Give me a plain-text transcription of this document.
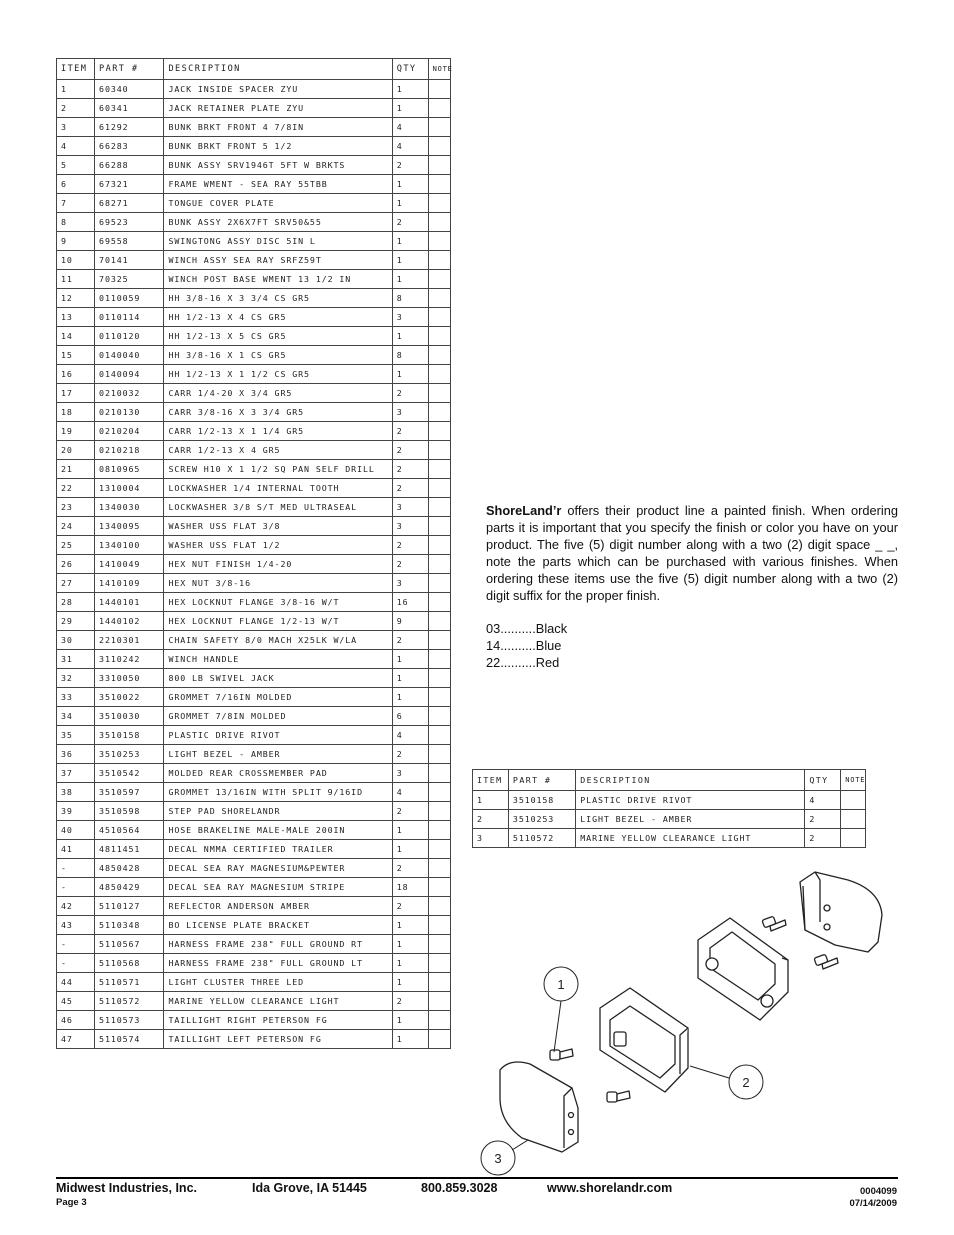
ITEM	PART #	DESCRIPTION	QTY	NOTE
1	60340	JACK INSIDE SPACER ZYU	1	
2	60341	JACK RETAINER PLATE ZYU	1	
3	61292	BUNK BRKT FRONT 4 7/8IN	4	
4	66283	BUNK BRKT FRONT 5 1/2	4	
5	66288	BUNK ASSY SRV1946T 5FT W BRKTS	2	
6	67321	FRAME WMENT - SEA RAY 55TBB	1	
7	68271	TONGUE COVER PLATE	1	
8	69523	BUNK ASSY 2X6X7FT SRV50&55	2	
9	69558	SWINGTONG ASSY DISC 5IN L	1	
10	70141	WINCH ASSY SEA RAY SRFZ59T	1	
11	70325	WINCH POST BASE WMENT 13 1/2 IN	1	
12	0110059	HH 3/8-16 X 3 3/4 CS GR5	8	
13	0110114	HH 1/2-13 X 4 CS GR5	3	
14	0110120	HH 1/2-13 X 5 CS GR5	1	
15	0140040	HH 3/8-16 X 1 CS GR5	8	
16	0140094	HH 1/2-13 X 1 1/2 CS GR5	1	
17	0210032	CARR 1/4-20 X 3/4 GR5	2	
18	0210130	CARR 3/8-16 X 3 3/4 GR5	3	
19	0210204	CARR 1/2-13 X 1 1/4 GR5	2	
20	0210218	CARR 1/2-13 X 4 GR5	2	
21	0810965	SCREW H10 X 1 1/2 SQ PAN SELF DRILL	2	
22	1310004	LOCKWASHER 1/4 INTERNAL TOOTH	2	
23	1340030	LOCKWASHER 3/8 S/T MED ULTRASEAL	3	
24	1340095	WASHER USS FLAT 3/8	3	
25	1340100	WASHER USS FLAT 1/2	2	
26	1410049	HEX NUT FINISH 1/4-20	2	
27	1410109	HEX NUT 3/8-16	3	
28	1440101	HEX LOCKNUT FLANGE 3/8-16 W/T	16	
29	1440102	HEX LOCKNUT FLANGE 1/2-13 W/T	9	
30	2210301	CHAIN SAFETY 8/0 MACH X25LK W/LA	2	
31	3110242	WINCH HANDLE	1	
32	3310050	800 LB SWIVEL JACK	1	
33	3510022	GROMMET 7/16IN MOLDED	1	
34	3510030	GROMMET 7/8IN MOLDED	6	
35	3510158	PLASTIC DRIVE RIVOT	4	
36	3510253	LIGHT BEZEL - AMBER	2	
37	3510542	MOLDED REAR CROSSMEMBER PAD	3	
38	3510597	GROMMET 13/16IN WITH SPLIT 9/16ID	4	
39	3510598	STEP PAD SHORELANDR	2	
40	4510564	HOSE BRAKELINE MALE-MALE 200IN	1	
41	4811451	DECAL NMMA CERTIFIED TRAILER	1	
-	4850428	DECAL SEA RAY MAGNESIUM&PEWTER	2	
-	4850429	DECAL SEA RAY MAGNESIUM STRIPE	18	
42	5110127	REFLECTOR ANDERSON AMBER	2	
43	5110348	BO LICENSE PLATE BRACKET	1	
-	5110567	HARNESS FRAME 238" FULL GROUND RT	1	
-	5110568	HARNESS FRAME 238" FULL GROUND LT	1	
44	5110571	LIGHT CLUSTER THREE LED	1	
45	5110572	MARINE YELLOW CLEARANCE LIGHT	2	
46	5110573	TAILLIGHT RIGHT PETERSON FG	1	
47	5110574	TAILLIGHT LEFT PETERSON FG	1	
ShoreLand’r offers their product line a painted finish. When ordering parts it is important that you specify the finish or color you have on your product. The five (5) digit number along with a two (2) digit space _ _, note the parts which can be purchased with various finishes. When ordering these items use the five (5) digit number along with a two (2) digit suffix for the proper finish.
03..........Black
14..........Blue
22..........Red
ITEM	PART #	DESCRIPTION	QTY	NOTE
1	3510158	PLASTIC DRIVE RIVOT	4	
2	3510253	LIGHT BEZEL - AMBER	2	
3	5110572	MARINE YELLOW CLEARANCE LIGHT	2	
1
2
3
Midwest Industries, Inc.	Ida Grove, IA 51445	800.859.3028	www.shorelandr.com
Page 3
0004099
07/14/2009
